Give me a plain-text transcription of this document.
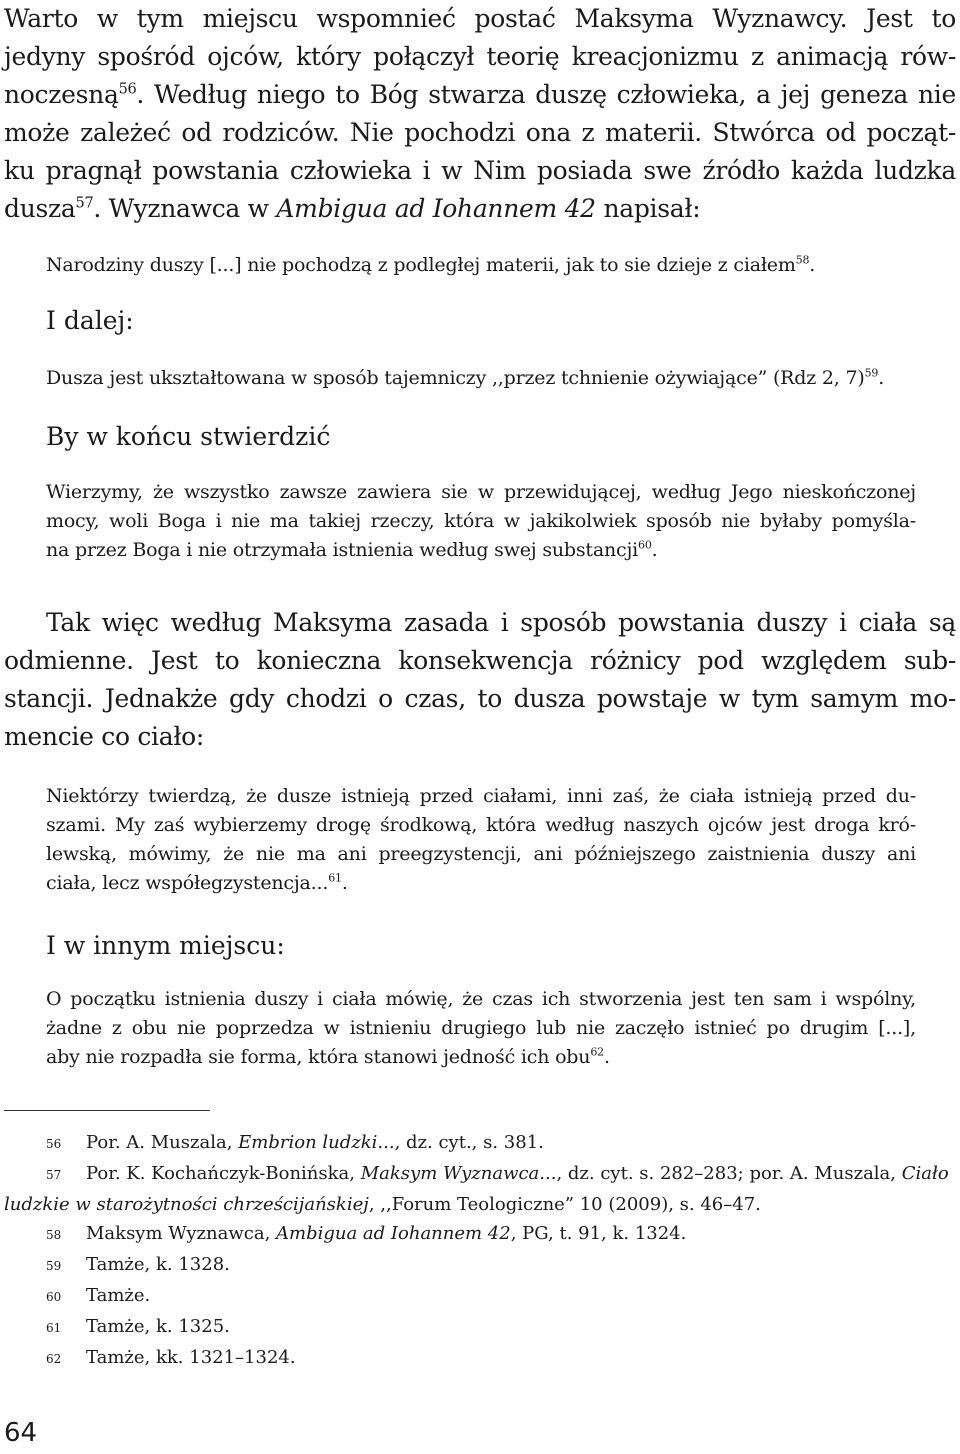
Warto w tym miejscu wspomnieć postać Maksyma Wyznawcy. Jest to
jedyny spośród ojców, który połączył teorię kreacjonizmu z animacją rów-
noczesną$^{56}$. Według niego to Bóg stwarza duszę człowieka, a jej geneza nie
może zależeć od rodziców. Nie pochodzi ona z materii. Stwórca od począt-
ku pragnął powstania człowieka i w Nim posiada swe źródło każda ludzka
dusza$^{57}$. Wyznawca w Ambigua ad Iohannem 42 napisał:
Narodziny duszy [...] nie pochodzą z podległej materii, jak to sie dzieje z ciałem$^{58}$.
I dalej:
Dusza jest ukształtowana w sposób tajemniczy ,,przez tchnienie ożywiające” (Rdz 2, 7)$^{59}$.
By w końcu stwierdzić
Wierzymy, że wszystko zawsze zawiera sie w przewidującej, według Jego nieskończonej
mocy, woli Boga i nie ma takiej rzeczy, która w jakikolwiek sposób nie byłaby pomyśla-
na przez Boga i nie otrzymała istnienia według swej substancji$^{60}$.
Tak więc według Maksyma zasada i sposób powstania duszy i ciała są
odmienne. Jest to konieczna konsekwencja różnicy pod względem sub-
stancji. Jednakże gdy chodzi o czas, to dusza powstaje w tym samym mo-
mencie co ciało:
Niektórzy twierdzą, że dusze istnieją przed ciałami, inni zaś, że ciała istnieją przed du-
szami. My zaś wybierzemy drogę środkową, która według naszych ojców jest droga kró-
lewską, mówimy, że nie ma ani preegzystencji, ani późniejszego zaistnienia duszy ani
ciała, lecz współegzystencja...$^{61}$.
I w innym miejscu:
O początku istnienia duszy i ciała mówię, że czas ich stworzenia jest ten sam i wspólny,
żadne z obu nie poprzedza w istnieniu drugiego lub nie zaczęło istnieć po drugim [...],
aby nie rozpadła sie forma, która stanowi jedność ich obu$^{62}$.
56	Por. A. Muszala, Embrion ludzki..., dz. cyt., s. 381.
57	Por. K. Kochańczyk-Bonińska, Maksym Wyznawca..., dz. cyt. s. 282–283; por. A. Muszala, Ciało
ludzkie w starożytności chrześcijańskiej, ,,Forum Teologiczne” 10 (2009), s. 46–47.
58	Maksym Wyznawca, Ambigua ad Iohannem 42, PG, t. 91, k. 1324.
59	Tamże, k. 1328.
60	Tamże.
61	Tamże, k. 1325.
62	Tamże, kk. 1321–1324.
64
